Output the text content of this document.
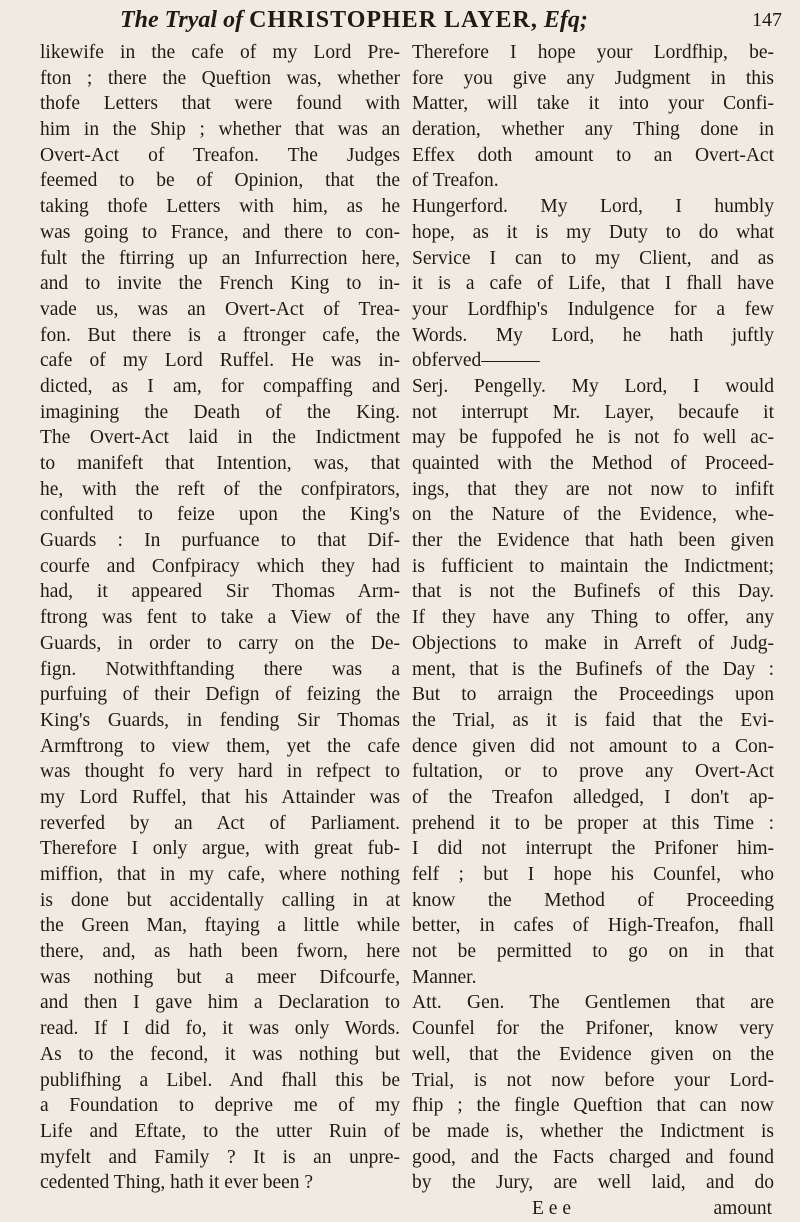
The Tryal of CHRISTOPHER LAYER, Efq;	147
likewife in the cafe of my Lord Pre-
fton ; there the Queftion was, whether
thofe Letters that were found with
him in the Ship ; whether that was an
Overt-Act of Treafon. The Judges
feemed to be of Opinion, that the
taking thofe Letters with him, as he
was going to France, and there to con-
fult the ftirring up an Infurrection here,
and to invite the French King to in-
vade us, was an Overt-Act of Trea-
fon. But there is a ftronger cafe, the
cafe of my Lord Ruffel. He was in-
dicted, as I am, for compaffing and
imagining the Death of the King.
The Overt-Act laid in the Indictment
to manifeft that Intention, was, that
he, with the reft of the confpirators,
confulted to feize upon the King's
Guards : In purfuance to that Dif-
courfe and Confpiracy which they had
had, it appeared Sir Thomas Arm-
ftrong was fent to take a View of the
Guards, in order to carry on the De-
fign. Notwithftanding there was a
purfuing of their Defign of feizing the
King's Guards, in fending Sir Thomas
Armftrong to view them, yet the cafe
was thought fo very hard in refpect to
my Lord Ruffel, that his Attainder was
reverfed by an Act of Parliament.
Therefore I only argue, with great fub-
miffion, that in my cafe, where nothing
is done but accidentally calling in at
the Green Man, ftaying a little while
there, and, as hath been fworn, here
was nothing but a meer Difcourfe,
and then I gave him a Declaration to
read. If I did fo, it was only Words.
As to the fecond, it was nothing but
publifhing a Libel. And fhall this be
a Foundation to deprive me of my
Life and Eftate, to the utter Ruin of
myfelt and Family ? It is an unpre-
cedented Thing, hath it ever been ?
Therefore I hope your Lordfhip, be-
fore you give any Judgment in this
Matter, will take it into your Confi-
deration, whether any Thing done in
Effex doth amount to an Overt-Act
of Treafon.
Hungerford. My Lord, I humbly
hope, as it is my Duty to do what
Service I can to my Client, and as
it is a cafe of Life, that I fhall have
your Lordfhip's Indulgence for a few
Words. My Lord, he hath juftly
obferved———
Serj. Pengelly. My Lord, I would
not interrupt Mr. Layer, becaufe it
may be fuppofed he is not fo well ac-
quainted with the Method of Proceed-
ings, that they are not now to infift
on the Nature of the Evidence, whe-
ther the Evidence that hath been given
is fufficient to maintain the Indictment;
that is not the Bufinefs of this Day.
If they have any Thing to offer, any
Objections to make in Arreft of Judg-
ment, that is the Bufinefs of the Day :
But to arraign the Proceedings upon
the Trial, as it is faid that the Evi-
dence given did not amount to a Con-
fultation, or to prove any Overt-Act
of the Treafon alledged, I don't ap-
prehend it to be proper at this Time :
I did not interrupt the Prifoner him-
felf ; but I hope his Counfel, who
know the Method of Proceeding
better, in cafes of High-Treafon, fhall
not be permitted to go on in that
Manner.
Att. Gen. The Gentlemen that are
Counfel for the Prifoner, know very
well, that the Evidence given on the
Trial, is not now before your Lord-
fhip ; the fingle Queftion that can now
be made is, whether the Indictment is
good, and the Facts charged and found
by the Jury, are well laid, and do
E e e	amount
